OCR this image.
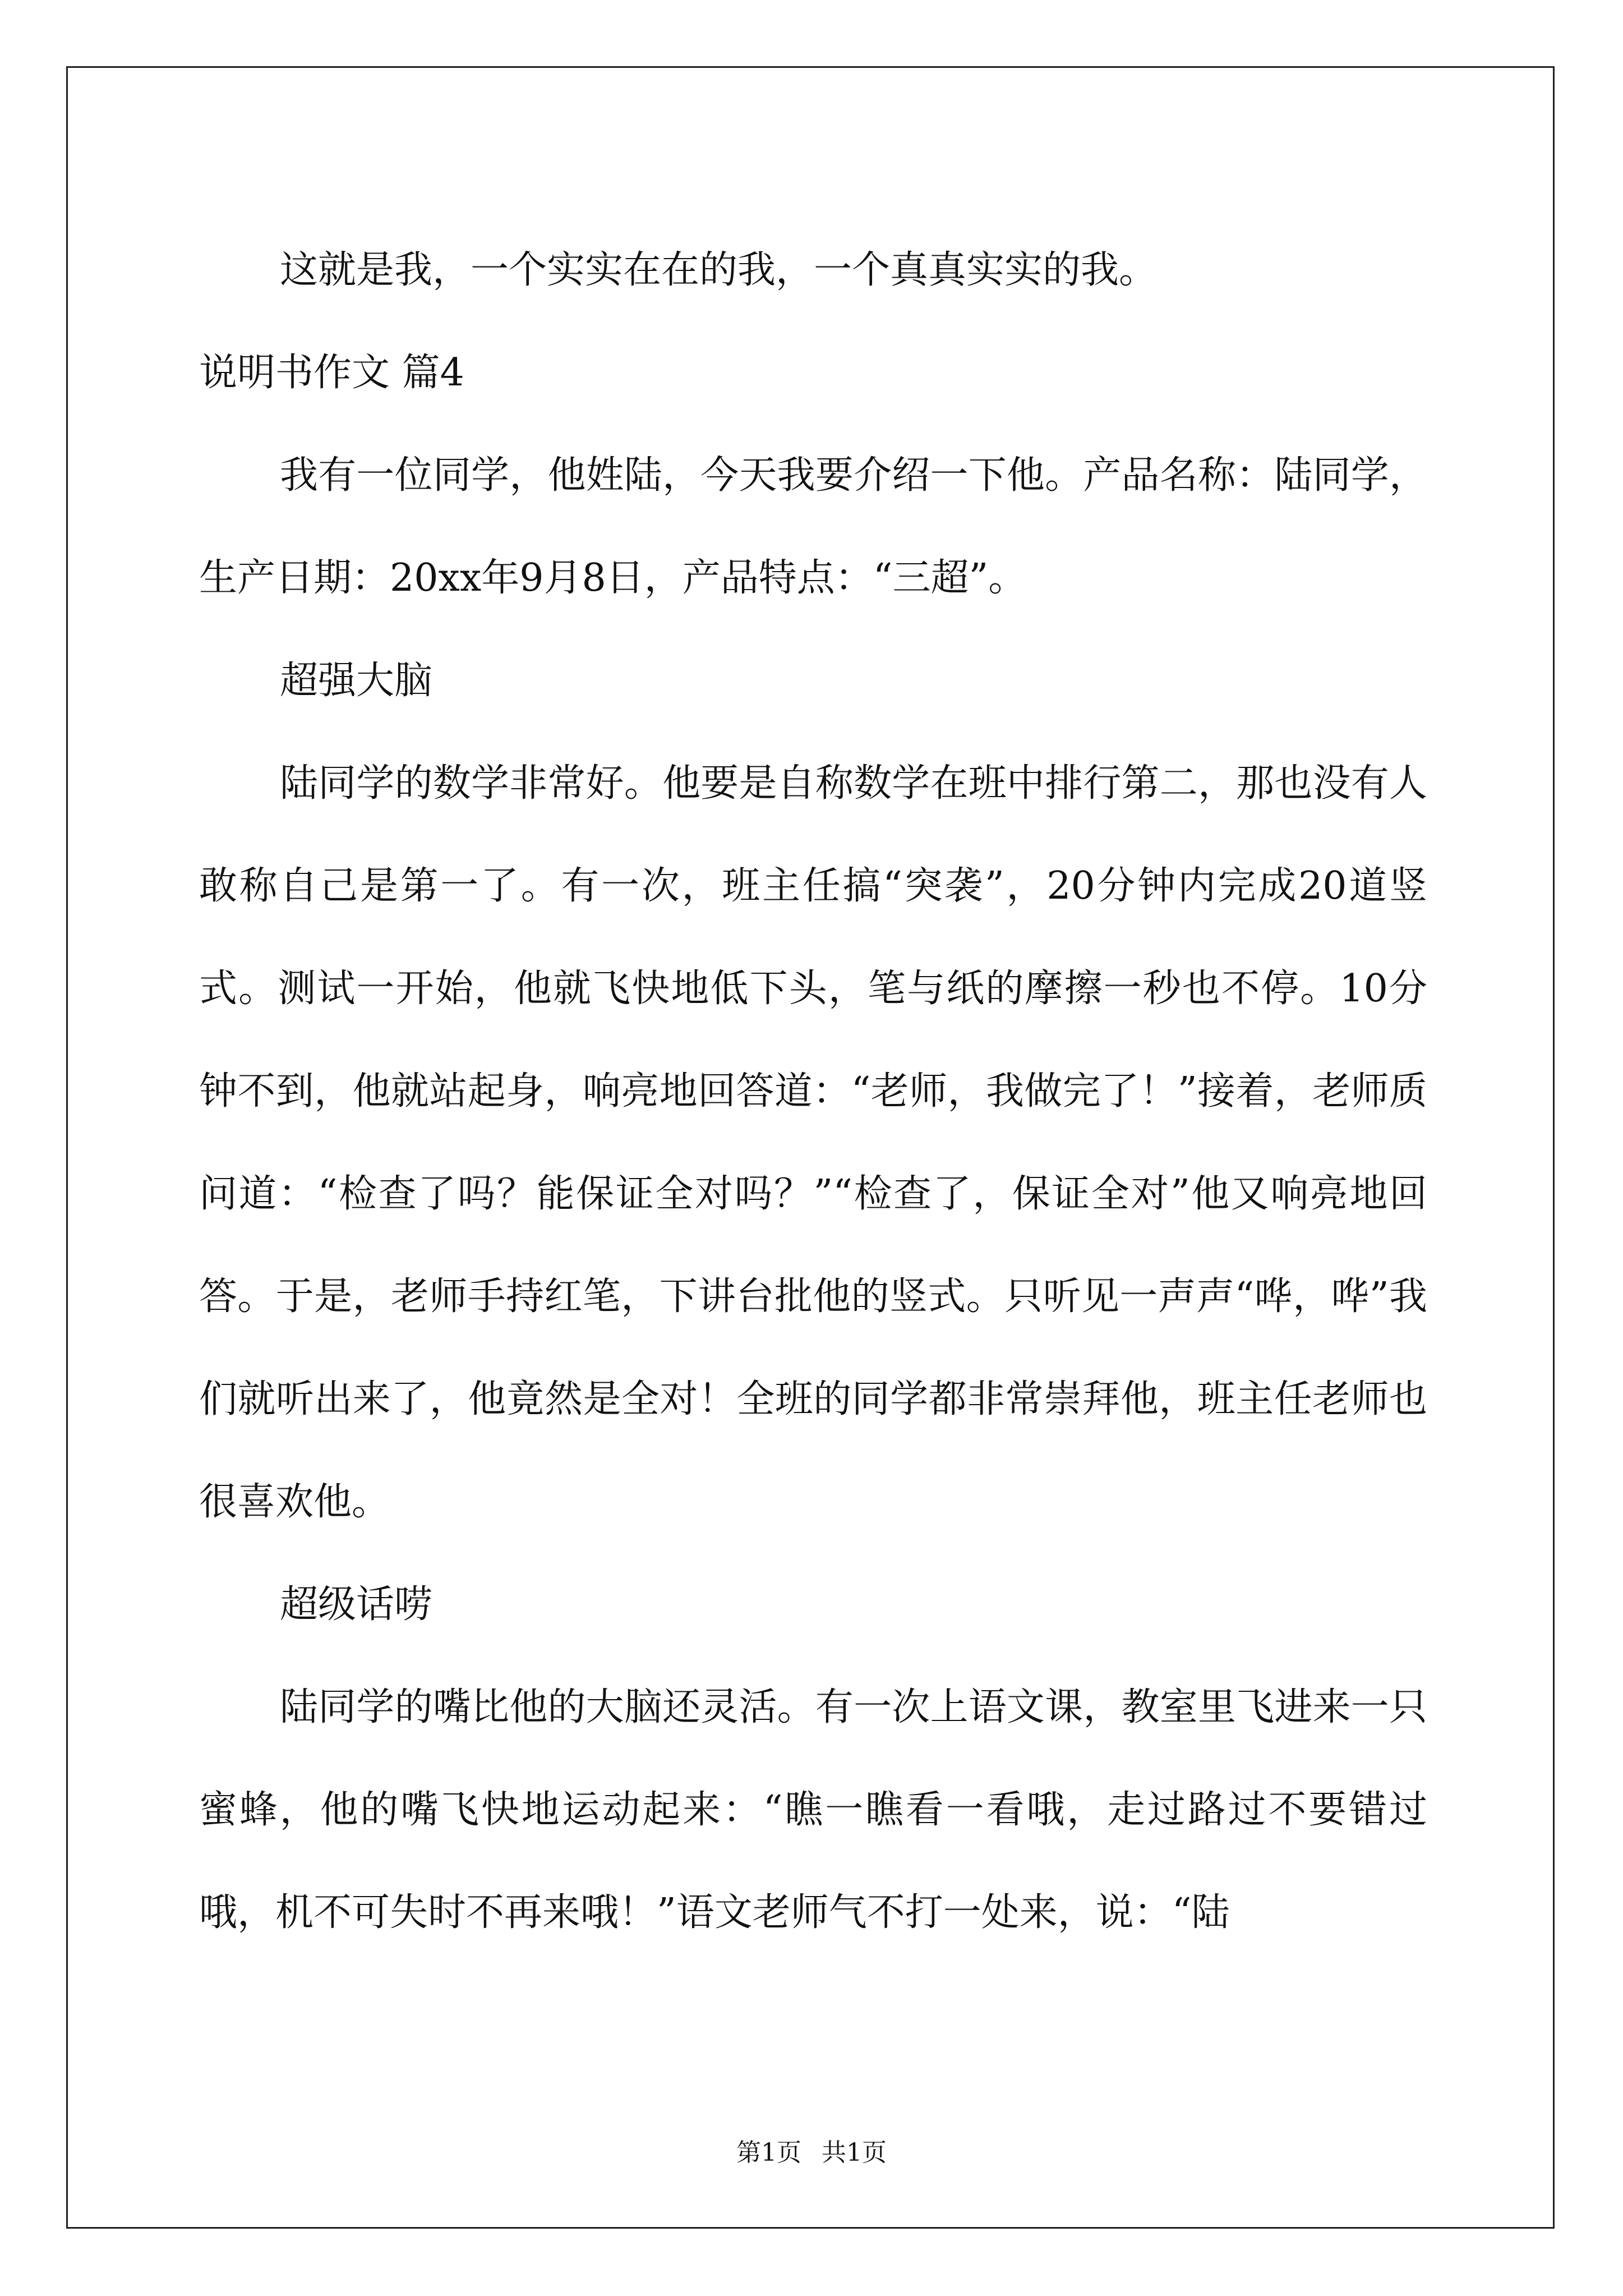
这就是我，一个实实在在的我，一个真真实实的我。

说明书作文 篇4

我有一位同学，他姓陆，今天我要介绍一下他。产品名称：陆同学，生产日期：20xx年9月8日，产品特点：“三超”。

超强大脑

陆同学的数学非常好。他要是自称数学在班中排行第二，那也没有人敢称自己是第一了。有一次，班主任搞“突袭”，20分钟内完成20道竖式。测试一开始，他就飞快地低下头，笔与纸的摩擦一秒也不停。10分钟不到，他就站起身，响亮地回答道：“老师，我做完了！”接着，老师质问道：“检查了吗？能保证全对吗？”“检查了，保证全对”他又响亮地回答。于是，老师手持红笔，下讲台批他的竖式。只听见一声声“哗，哗”我们就听出来了，他竟然是全对！全班的同学都非常崇拜他，班主任老师也很喜欢他。

超级话唠

陆同学的嘴比他的大脑还灵活。有一次上语文课，教室里飞进来一只蜜蜂，他的嘴飞快地运动起来：“瞧一瞧看一看哦，走过路过不要错过哦，机不可失时不再来哦！”语文老师气不打一处来，说：“陆

第1页 共1页
